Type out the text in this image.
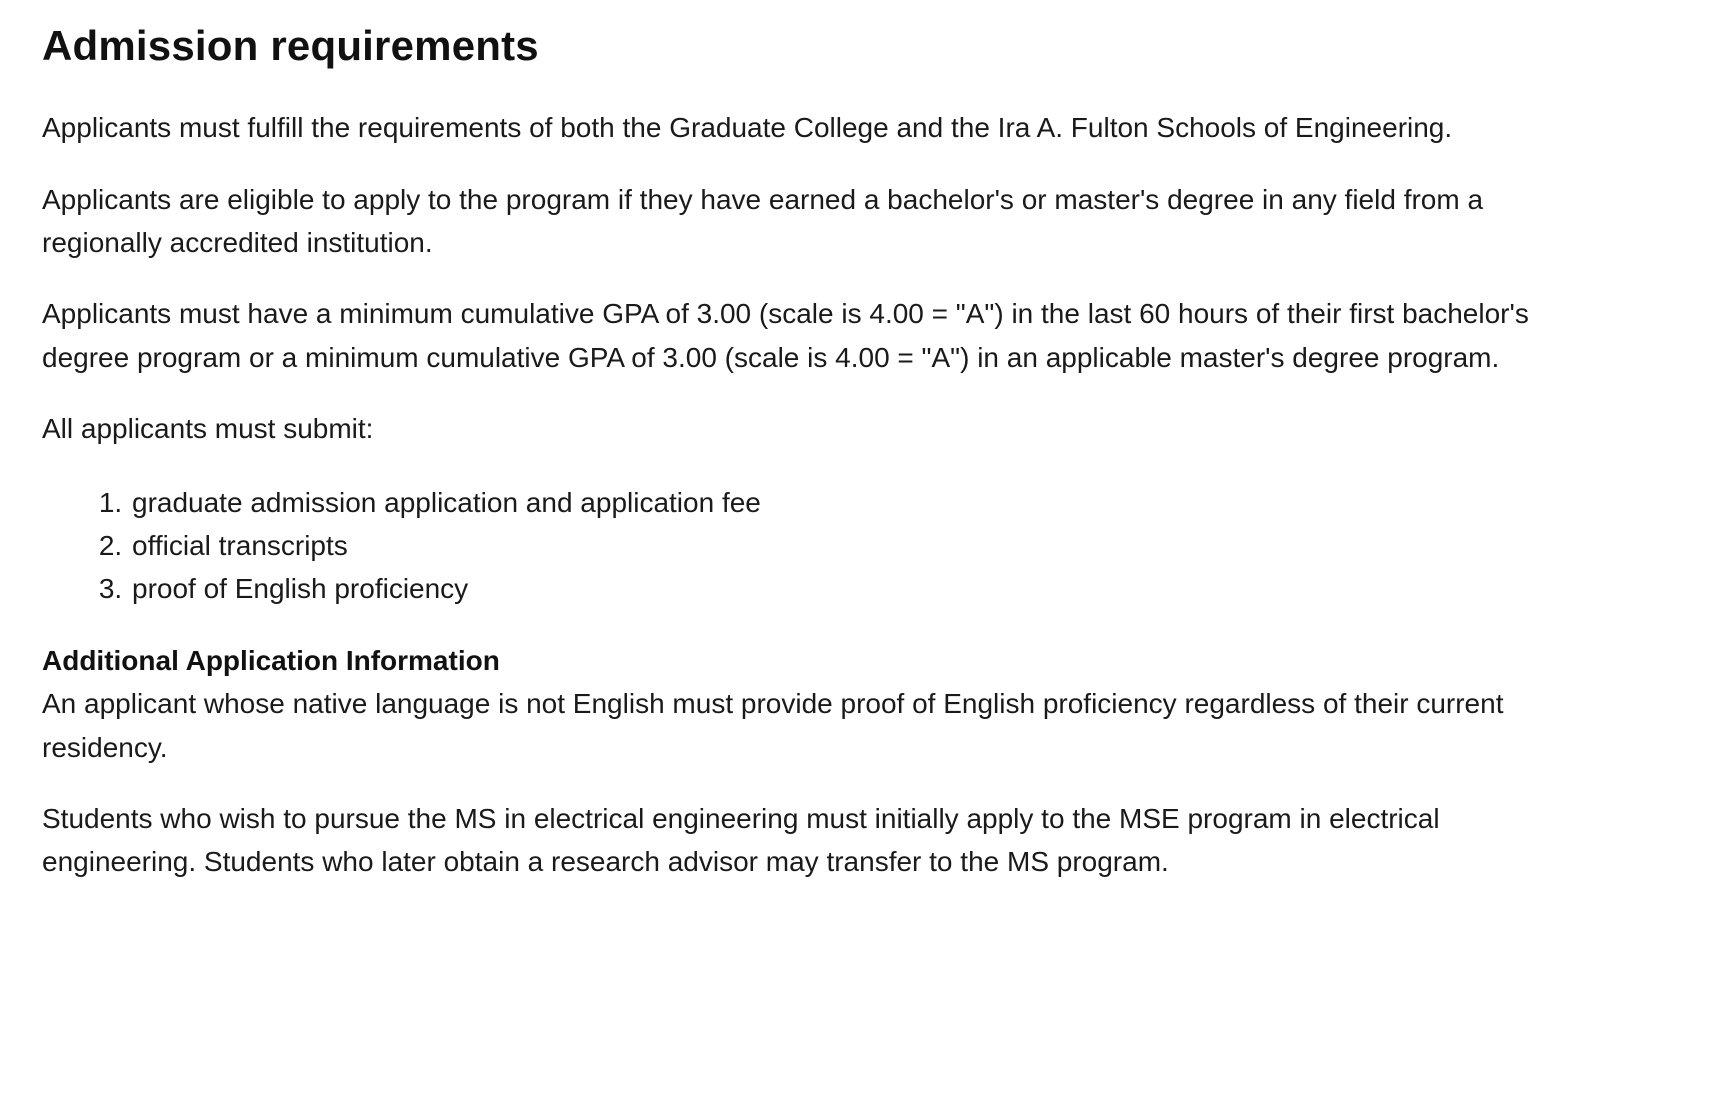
Admission requirements

Applicants must fulfill the requirements of both the Graduate College and the Ira A. Fulton Schools of Engineering.

Applicants are eligible to apply to the program if they have earned a bachelor's or master's degree in any field from a regionally accredited institution.

Applicants must have a minimum cumulative GPA of 3.00 (scale is 4.00 = "A") in the last 60 hours of their first bachelor's degree program or a minimum cumulative GPA of 3.00 (scale is 4.00 = "A") in an applicable master's degree program.

All applicants must submit:

1. graduate admission application and application fee
2. official transcripts
3. proof of English proficiency

Additional Application Information
An applicant whose native language is not English must provide proof of English proficiency regardless of their current residency.

Students who wish to pursue the MS in electrical engineering must initially apply to the MSE program in electrical engineering. Students who later obtain a research advisor may transfer to the MS program.
